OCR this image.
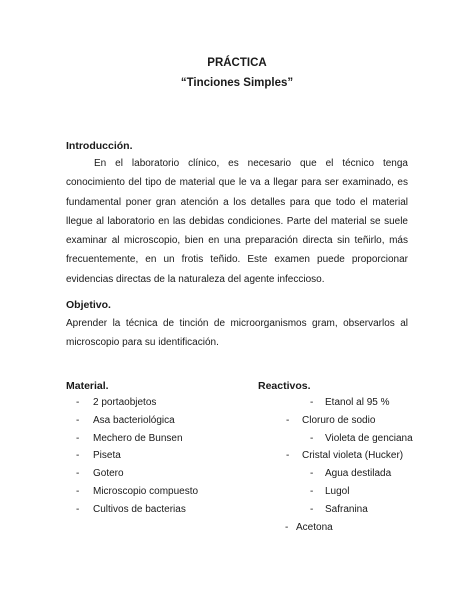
PRÁCTICA
“Tinciones Simples”
Introducción.
En el laboratorio clínico, es necesario que el técnico tenga conocimiento del tipo de material que le va a llegar para ser examinado, es fundamental poner gran atención a los detalles para que todo el material llegue al laboratorio en las debidas condiciones. Parte del material se suele examinar al microscopio, bien en una preparación directa sin teñirlo, más frecuentemente, en un frotis teñido. Este examen puede proporcionar evidencias directas de la naturaleza del agente infeccioso.
Objetivo.
Aprender la técnica de tinción de microorganismos gram, observarlos al microscopio para su identificación.
Material.
- 2 portaobjetos
- Asa bacteriológica
- Mechero de Bunsen
- Piseta
- Gotero
- Microscopio compuesto
- Cultivos de bacterias
Reactivos.
- Etanol al 95 %
- Cloruro de sodio
- Violeta de genciana
- Cristal violeta (Hucker)
- Agua destilada
- Lugol
- Safranina
- Acetona
